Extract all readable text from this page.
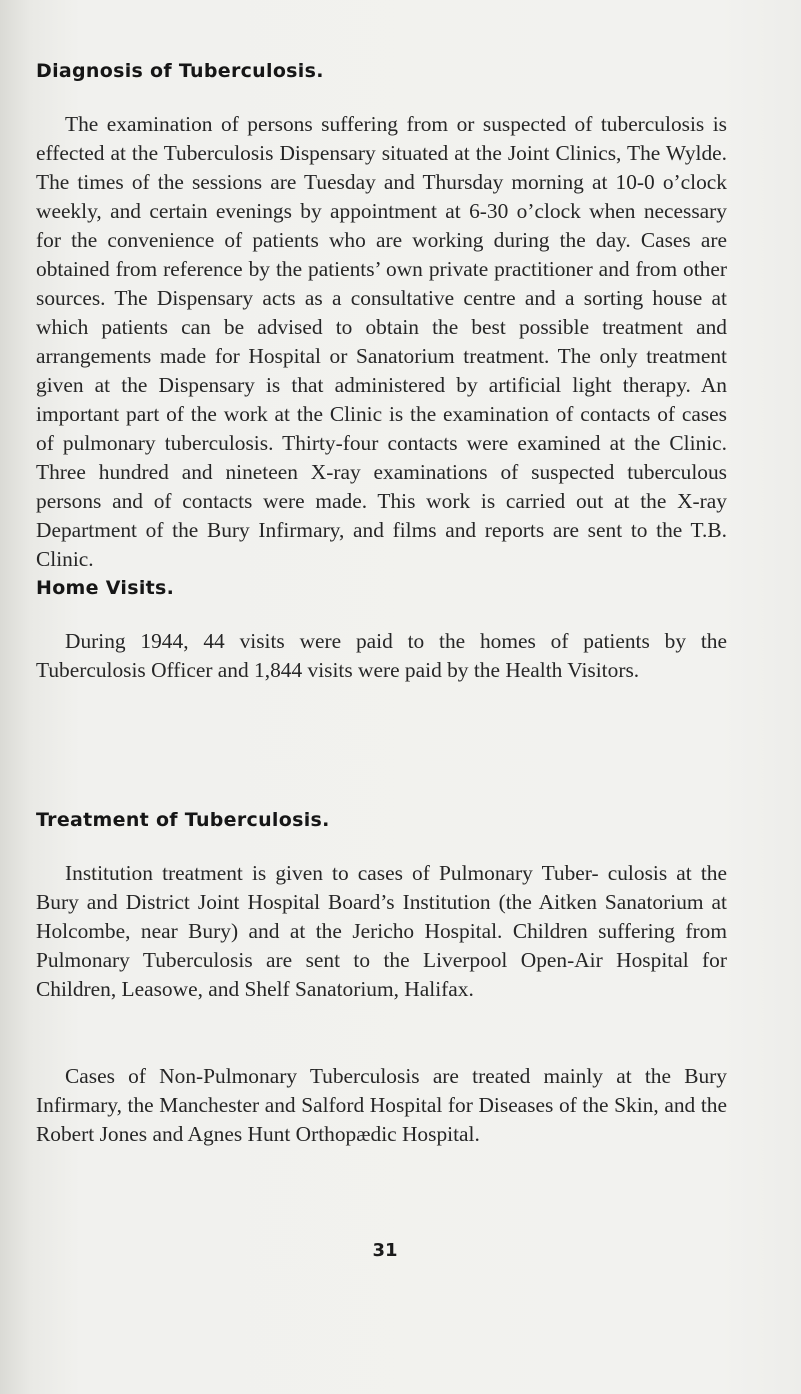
Diagnosis of Tuberculosis.

The examination of persons suffering from or suspected of tuberculosis is effected at the Tuberculosis Dispensary situated at the Joint Clinics, The Wylde. The times of the sessions are Tuesday and Thursday morning at 10-0 o’clock weekly, and certain evenings by appointment at 6-30 o’clock when necessary for the convenience of patients who are working during the day. Cases are obtained from reference by the patients’ own private practitioner and from other sources. The Dispensary acts as a consultative centre and a sorting house at which patients can be advised to obtain the best possible treatment and arrangements made for Hospital or Sanatorium treatment. The only treatment given at the Dispensary is that administered by artificial light therapy. An important part of the work at the Clinic is the examination of contacts of cases of pulmonary tuberculosis. Thirty-four contacts were examined at the Clinic. Three hundred and nineteen X-ray examinations of suspected tuberculous persons and of contacts were made. This work is carried out at the X-ray Department of the Bury Infirmary, and films and reports are sent to the T.B. Clinic.

Home Visits.

During 1944, 44 visits were paid to the homes of patients by the Tuberculosis Officer and 1,844 visits were paid by the Health Visitors.

Treatment of Tuberculosis.

Institution treatment is given to cases of Pulmonary Tuber- culosis at the Bury and District Joint Hospital Board’s Institution (the Aitken Sanatorium at Holcombe, near Bury) and at the Jericho Hospital. Children suffering from Pulmonary Tuberculosis are sent to the Liverpool Open-Air Hospital for Children, Leasowe, and Shelf Sanatorium, Halifax.

Cases of Non-Pulmonary Tuberculosis are treated mainly at the Bury Infirmary, the Manchester and Salford Hospital for Diseases of the Skin, and the Robert Jones and Agnes Hunt Orthopædic Hospital.

31
